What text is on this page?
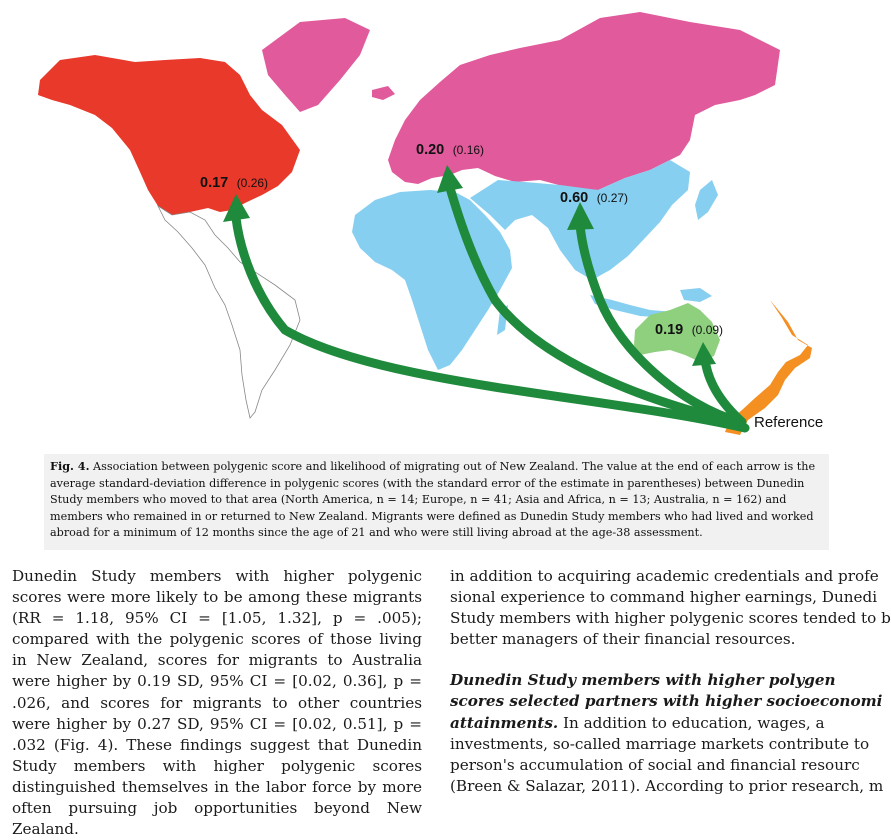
0.17 (0.26)
0.20 (0.16)
0.60 (0.27)
0.19 (0.09)
Reference
Fig. 4. Association between polygenic score and likelihood of migrating out of New Zealand. The value at the end of each arrow is the average standard-deviation difference in polygenic scores (with the standard error of the estimate in parentheses) between Dunedin Study members who moved to that area (North America, n = 14; Europe, n = 41; Asia and Africa, n = 13; Australia, n = 162) and members who remained in or returned to New Zealand. Migrants were defined as Dunedin Study members who had lived and worked abroad for a minimum of 12 months since the age of 21 and who were still living abroad at the age-38 assessment.

Dunedin Study members with higher polygenic scores were more likely to be among these migrants (RR = 1.18, 95% CI = [1.05, 1.32], p = .005); compared with the polygenic scores of those living in New Zealand, scores for migrants to Australia were higher by 0.19 SD, 95% CI = [0.02, 0.36], p = .026, and scores for migrants to other countries were higher by 0.27 SD, 95% CI = [0.02, 0.51], p = .032 (Fig. 4). These findings suggest that Dunedin Study members with higher polygenic scores distinguished themselves in the labor force by more often pursuing job opportunities beyond New Zealand.

in addition to acquiring academic credentials and profe
sional experience to command higher earnings, Dunedi
Study members with higher polygenic scores tended to b
better managers of their financial resources.

Dunedin Study members with higher polygen
scores selected partners with higher socioeconomi
attainments. In addition to education, wages, a
investments, so-called marriage markets contribute to
person's accumulation of social and financial resourc
(Breen & Salazar, 2011). According to prior research, m
